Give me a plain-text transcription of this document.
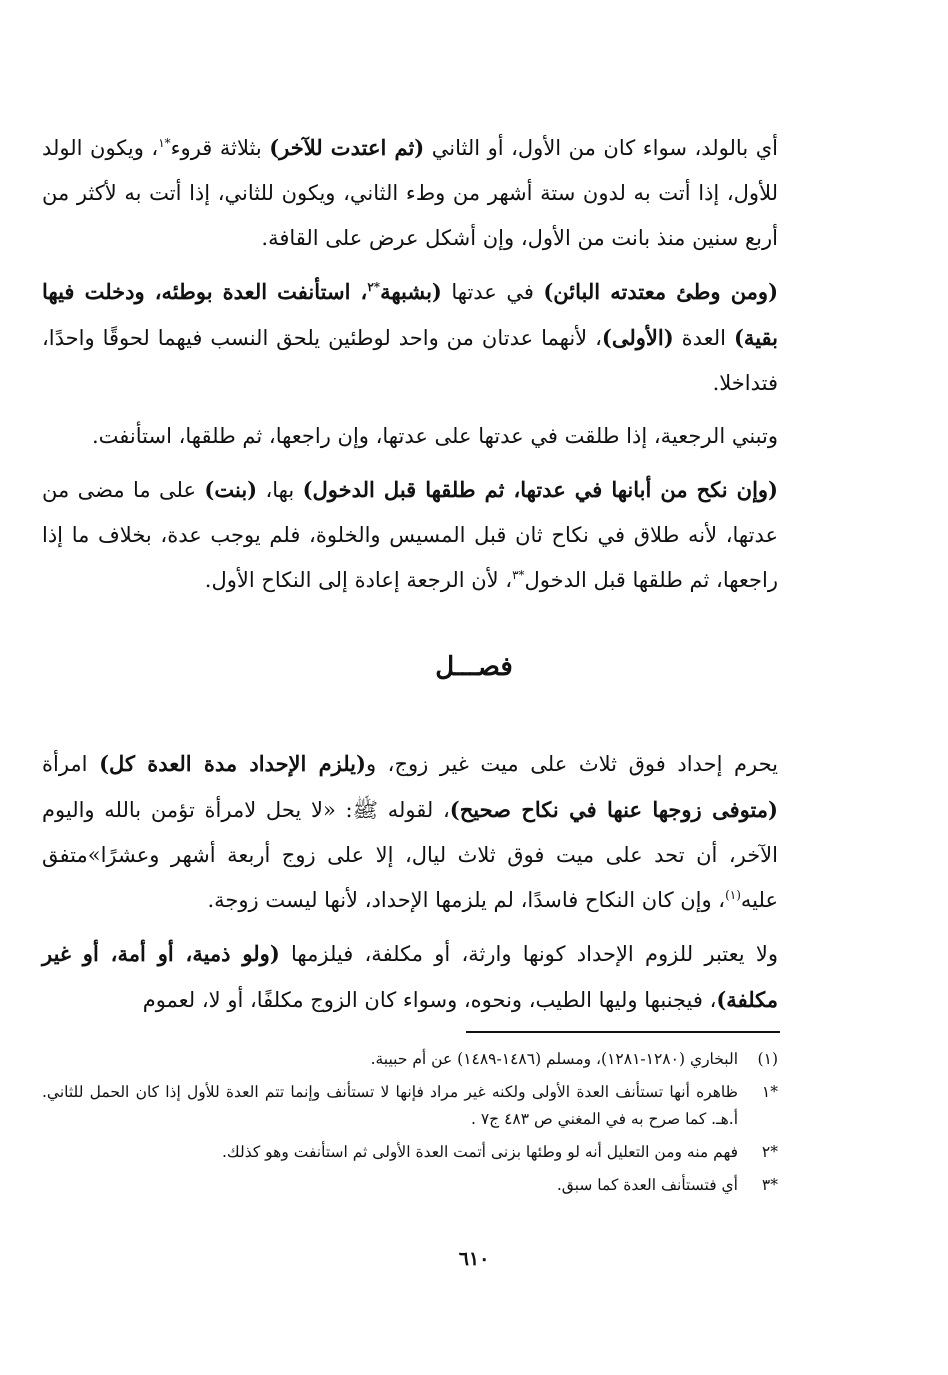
أي بالولد، سواء كان من الأول، أو الثاني (ثم اعتدت للآخر) بثلاثة قروء$^{*١}$، ويكون الولد للأول، إذا أتت به لدون ستة أشهر من وطء الثاني، ويكون للثاني، إذا أتت به لأكثر من أربع سنين منذ بانت من الأول، وإن أشكل عرض على القافة.

(ومن وطئ معتدته البائن) في عدتها (بشبهة$^{*٢}$، استأنفت العدة بوطئه، ودخلت فيها بقية) العدة (الأولى)، لأنهما عدتان من واحد لوطئين يلحق النسب فيهما لحوقًا واحدًا، فتداخلا.

وتبني الرجعية، إذا طلقت في عدتها على عدتها، وإن راجعها، ثم طلقها، استأنفت.

(وإن نكح من أبانها في عدتها، ثم طلقها قبل الدخول) بها، (بنت) على ما مضى من عدتها، لأنه طلاق في نكاح ثان قبل المسيس والخلوة، فلم يوجب عدة، بخلاف ما إذا راجعها، ثم طلقها قبل الدخول$^{*٣}$، لأن الرجعة إعادة إلى النكاح الأول.

فصـــل

يحرم إحداد فوق ثلاث على ميت غير زوج، و(يلزم الإحداد مدة العدة كل) امرأة (متوفى زوجها عنها في نكاح صحيح)، لقوله ﷺ: «لا يحل لامرأة تؤمن بالله واليوم الآخر، أن تحد على ميت فوق ثلاث ليال، إلا على زوج أربعة أشهر وعشرًا»متفق عليه$^{(١)}$، وإن كان النكاح فاسدًا، لم يلزمها الإحداد، لأنها ليست زوجة.

ولا يعتبر للزوم الإحداد كونها وارثة، أو مكلفة، فيلزمها (ولو ذمية، أو أمة، أو غير مكلفة)، فيجنبها وليها الطيب، ونحوه، وسواء كان الزوج مكلفًا، أو لا، لعموم

(١)
البخاري (١٢٨٠-١٢٨١)، ومسلم (١٤٨٦-١٤٨٩) عن أم حبيبة.
*١
ظاهره أنها تستأنف العدة الأولى ولكنه غير مراد فإنها لا تستأنف وإنما تتم العدة للأول إذا كان الحمل للثاني. أ.هـ. كما صرح به في المغني ص ٤٨٣ ج٧ .
*٢
فهم منه ومن التعليل أنه لو وطئها بزنى أتمت العدة الأولى ثم استأنفت وهو كذلك.
*٣
أي فتستأنف العدة كما سبق.
٦١٠
